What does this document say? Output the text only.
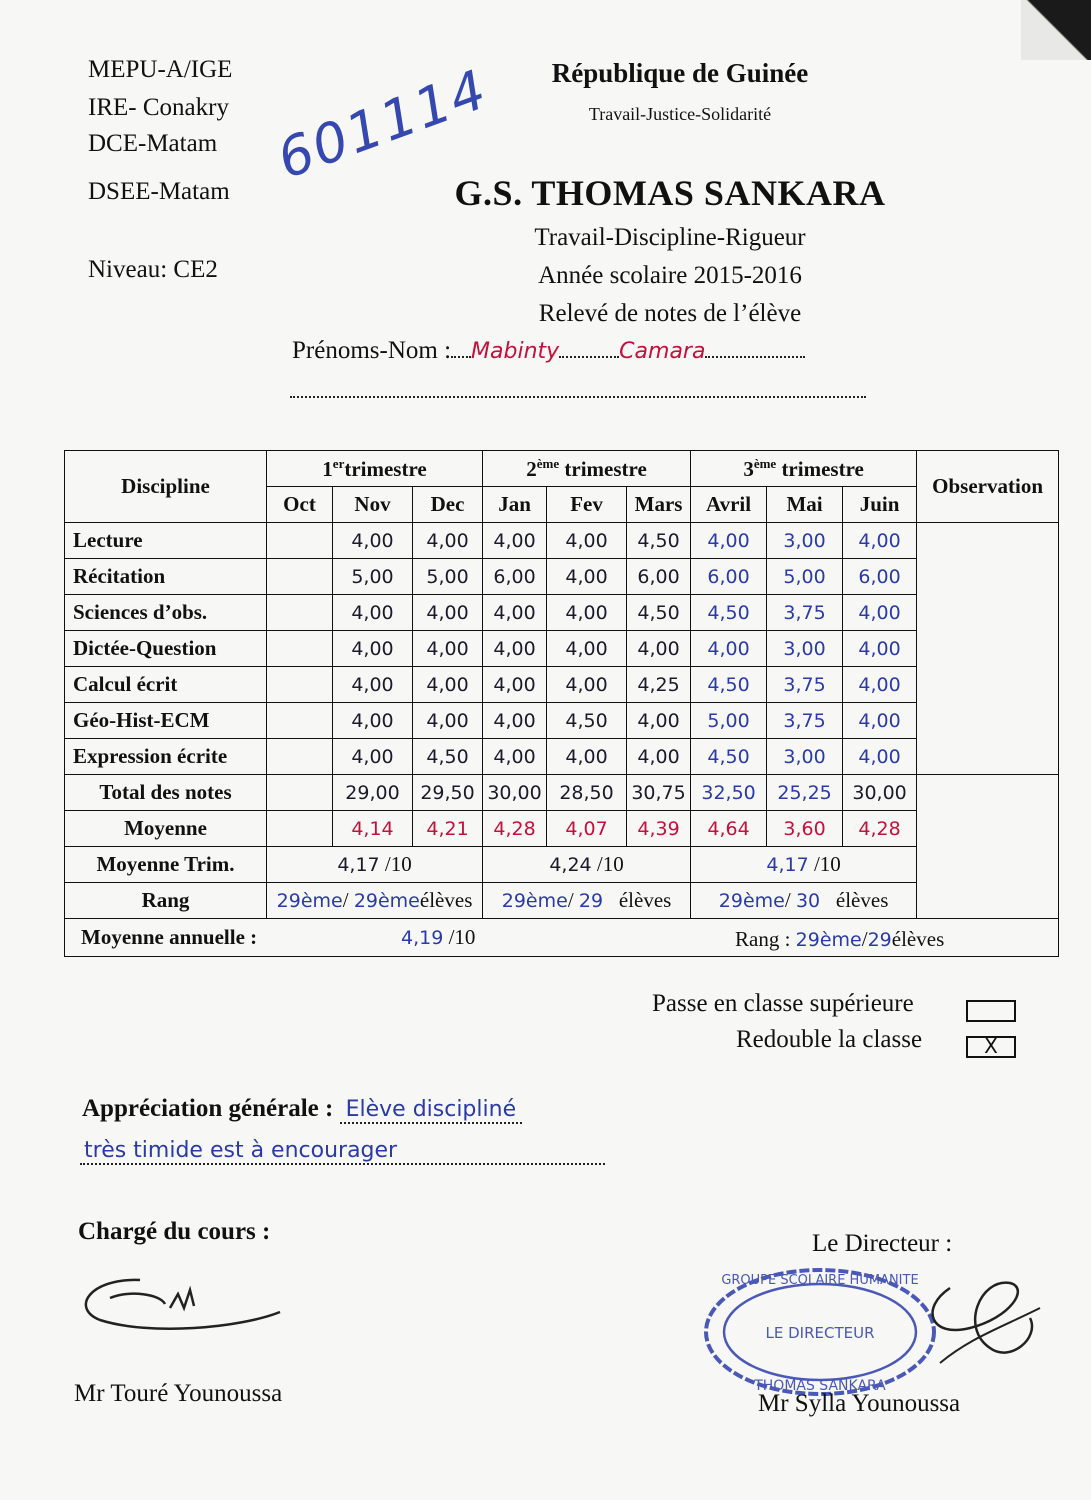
MEPU-A/IGE
IRE- Conakry
DCE-Matam
DSEE-Matam
Niveau: CE2
601114	République de Guinée
Travail-Justice-Solidarité
G.S. THOMAS SANKARA
Travail-Discipline-Rigueur
Année scolaire 2015-2016
Relevé de notes de l’élève
Prénoms-Nom : Mabinty	Camara
Discipline	1ertrimestre			2ème trimestre			3ème trimestre			Observation
	Oct	Nov	Dec	Jan	Fev	Mars	Avril	Mai	Juin	
Lecture		4,00	4,00	4,00	4,00	4,50	4,00	3,00	4,00	
Récitation		5,00	5,00	6,00	4,00	6,00	6,00	5,00	6,00	
Sciences d’obs.		4,00	4,00	4,00	4,00	4,50	4,50	3,75	4,00	
Dictée-Question		4,00	4,00	4,00	4,00	4,00	4,00	3,00	4,00	
Calcul écrit		4,00	4,00	4,00	4,00	4,25	4,50	3,75	4,00	
Géo-Hist-ECM		4,00	4,00	4,00	4,50	4,00	5,00	3,75	4,00	
Expression écrite		4,00	4,50	4,00	4,00	4,00	4,50	3,00	4,00	
Total des notes		29,00	29,50	30,00	28,50	30,75	32,50	25,25	30,00	
Moyenne		4,14	4,21	4,28	4,07	4,39	4,64	3,60	4,28	
Moyenne Trim.	4,17 /10			4,24 /10			4,17 /10			
Rang	29ème/ 29èmeélèves			29ème/ 29 élèves			29ème/ 30 élèves			

Moyenne annuelle : 4,19 /10 Rang : 29ème/29élèves										
Passe en classe supérieure
Redouble la classe	X
Appréciation générale : Elève discipliné
très timide est à encourager
Chargé du cours :	Le Directeur :
GROUPE SCOLAIRE HUMANITE
LE DIRECTEUR
THOMAS SANKARA
Mr Touré Younoussa	Mr Sylla Younoussa
